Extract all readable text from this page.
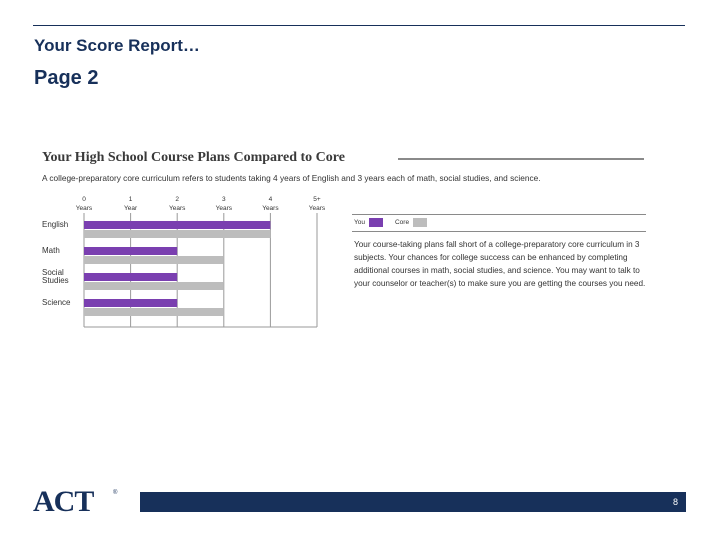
Your Score Report…
Page 2
Your High School Course Plans Compared to Core
A college-preparatory core curriculum refers to students taking 4 years of English and 3 years each of math, social studies, and science.
0
Years
1
Year
2
Years
3
Years
4
Years
5+
Years
English
Math
Social
Studies
Science
You	Core
Your course-taking plans fall short of a college-preparatory core curriculum in 3 subjects. Your chances for college success can be enhanced by completing additional courses in math, social studies, and science. You may want to talk to your counselor or teacher(s) to make sure you are getting the courses you need.
ACT	®
8
